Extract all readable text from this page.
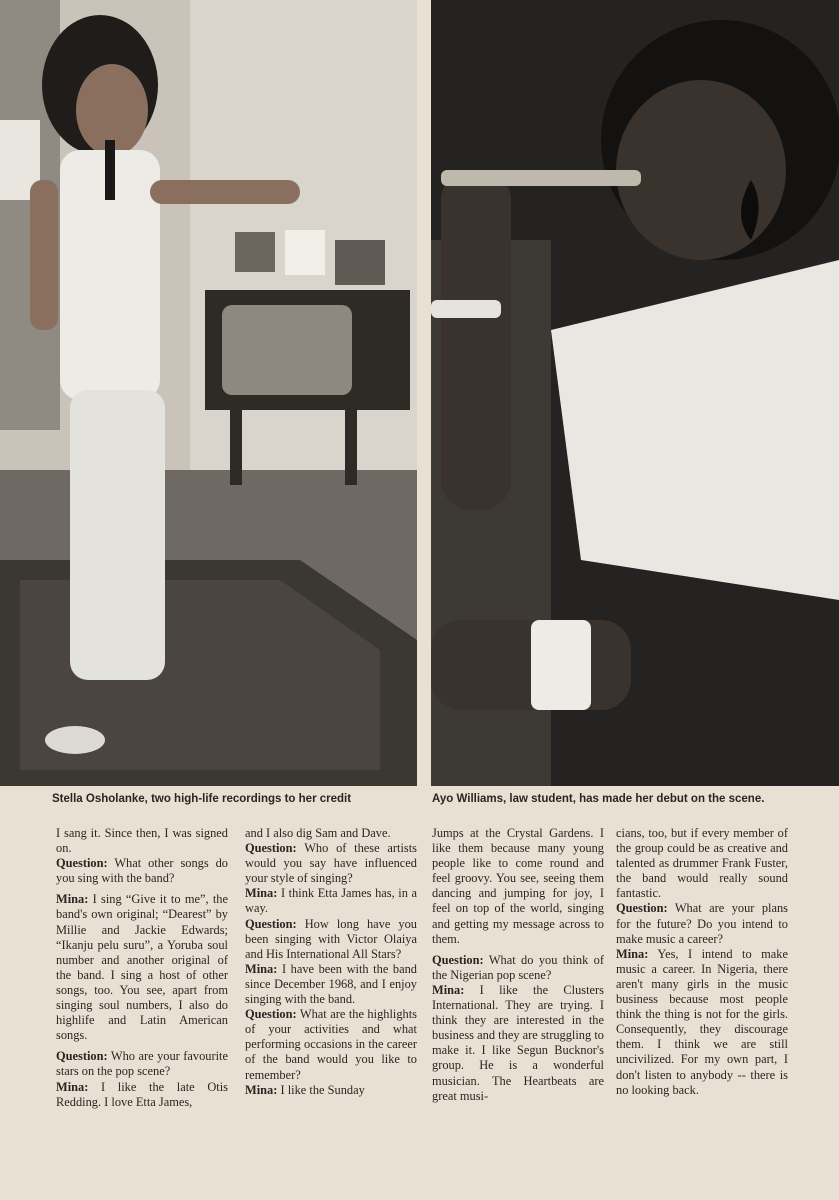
Stella Osholanke, two high-life recordings to her credit	Ayo Williams, law student, has made her debut on the scene.

I sang it. Since then, I was signed on.

Question: What other songs do you sing with the band?

Mina: I sing “Give it to me”, the band's own original; “Dearest” by Millie and Jackie Edwards; “Ikanju pelu suru”, a Yoruba soul number and another original of the band. I sing a host of other songs, too. You see, apart from singing soul numbers, I also do highlife and Latin American songs.

Question: Who are your favourite stars on the pop scene?

Mina: I like the late Otis Redding. I love Etta James,

and I also dig Sam and Dave.

Question: Who of these artists would you say have influenced your style of singing?

Mina: I think Etta James has, in a way.

Question: How long have you been singing with Victor Olaiya and His International All Stars?

Mina: I have been with the band since December 1968, and I enjoy singing with the band.

Question: What are the highlights of your activities and what performing occasions in the career of the band would you like to remember?

Mina: I like the Sunday

Jumps at the Crystal Gardens. I like them because many young people like to come round and feel groovy. You see, seeing them dancing and jumping for joy, I feel on top of the world, singing and getting my message across to them.

Question: What do you think of the Nigerian pop scene?

Mina: I like the Clusters International. They are trying. I think they are interested in the business and they are struggling to make it. I like Segun Bucknor's group. He is a wonderful musician. The Heartbeats are great musi-

cians, too, but if every member of the group could be as creative and talented as drummer Frank Fuster, the band would really sound fantastic.

Question: What are your plans for the future? Do you intend to make music a career?

Mina: Yes, I intend to make music a career. In Nigeria, there aren't many girls in the music business because most people think the thing is not for the girls. Consequently, they discourage them. I think we are still uncivilized. For my own part, I don't listen to anybody -- there is no looking back.
